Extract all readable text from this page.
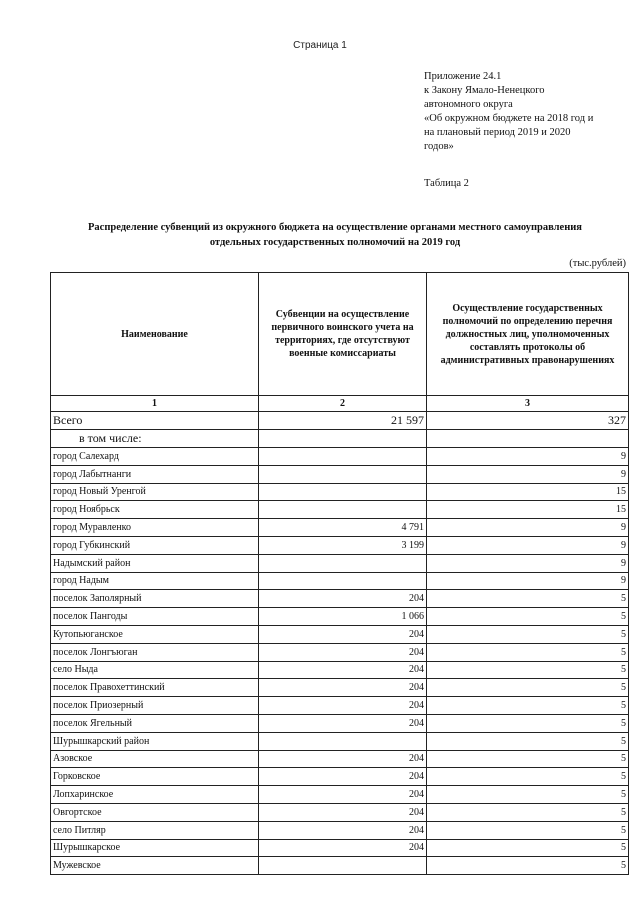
Страница 1
Приложение 24.1
к Закону Ямало-Ненецкого
автономного округа
«Об окружном бюджете на 2018 год и
на плановый период 2019 и 2020
годов»
Таблица 2
Распределение субвенций из окружного бюджета на осуществление органами местного самоуправления
отдельных государственных полномочий на 2019 год
(тыс.рублей)
Наименование	Субвенции на осуществление первичного воинского учета на территориях, где отсутствуют военные комиссариаты	Осуществление государственных полномочий по определению перечня должностных лиц, уполномоченных составлять протоколы об административных правонарушениях
1	2	3
Всего	21 597	327
в том числе:		
город Салехард		9
город Лабытнанги		9
город Новый Уренгой		15
город Ноябрьск		15
город Муравленко	4 791	9
город Губкинский	3 199	9
Надымский район		9
город Надым		9
поселок Заполярный	204	5
поселок Пангоды	1 066	5
Кутопьюганское	204	5
поселок Лонгъюган	204	5
село Ныда	204	5
поселок Правохеттинский	204	5
поселок Приозерный	204	5
поселок Ягельный	204	5
Шурышкарский район		5
Азовское	204	5
Горковское	204	5
Лопхаринское	204	5
Овгортское	204	5
село Питляр	204	5
Шурышкарское	204	5
Мужевское		5
